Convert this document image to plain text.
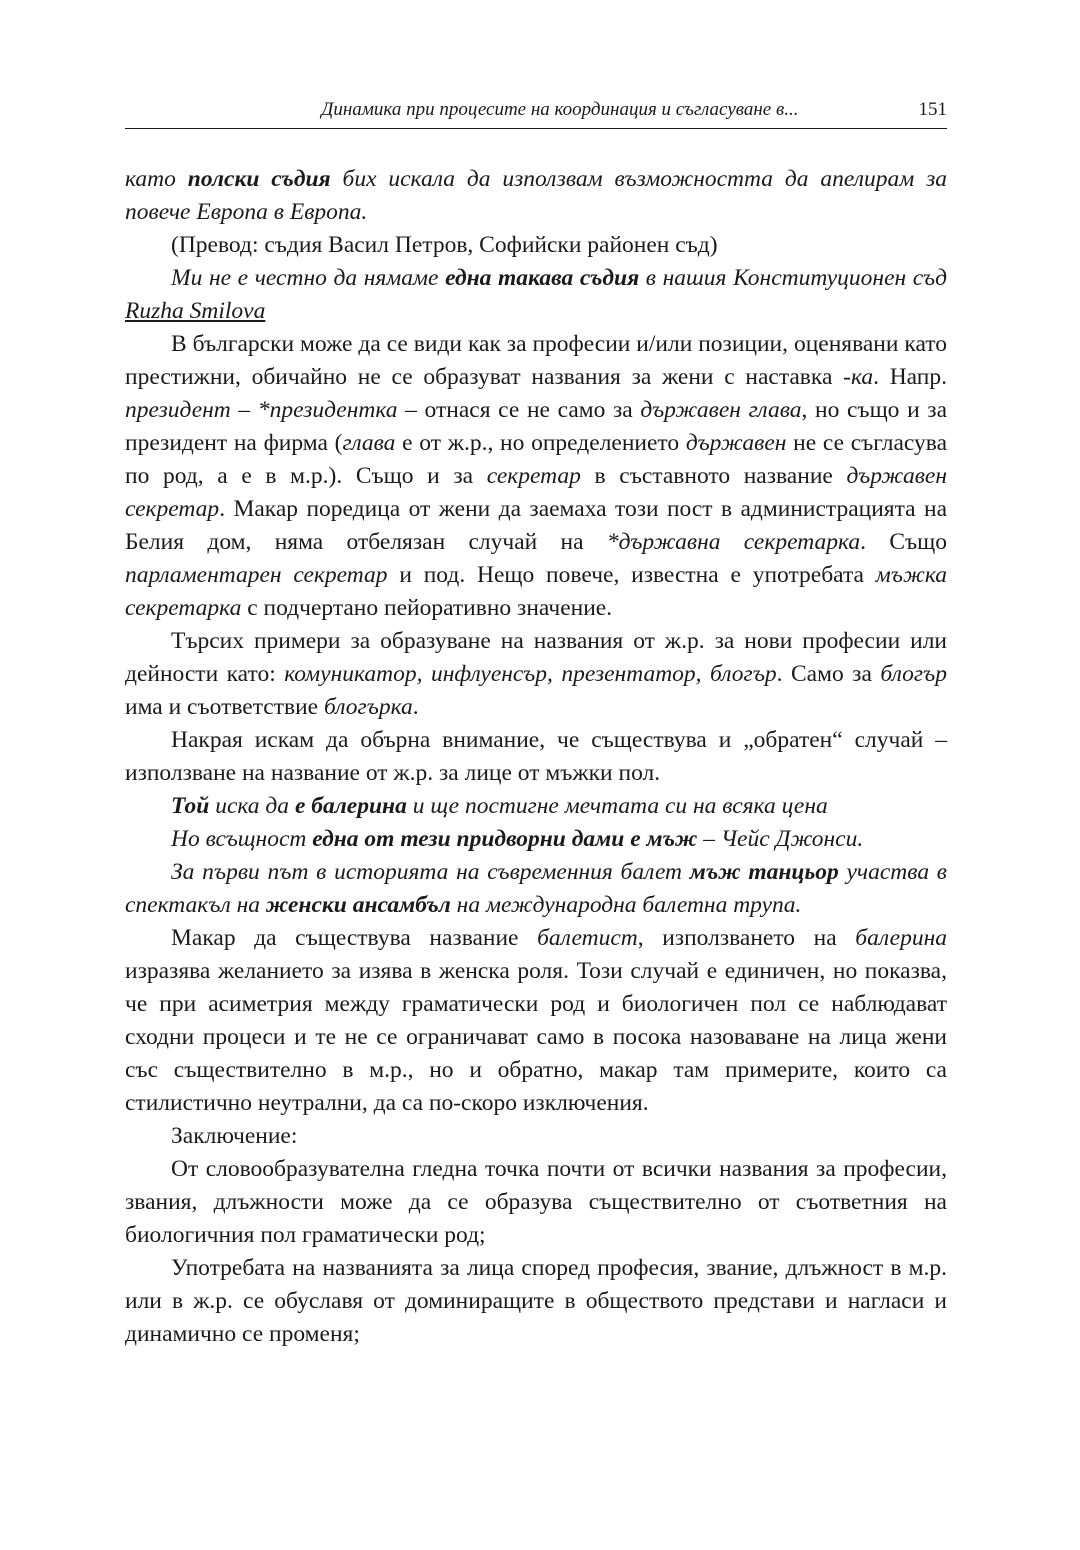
Динамика при процесите на координация и съгласуване в...	151

като полски съдия бих искала да използвам възможността да апелирам за повече Европа в Европа.

(Превод: съдия Васил Петров, Софийски районен съд)

Ми не е честно да нямаме една такава съдия в нашия Конституционен съд Ruzha Smilova

В български може да се види как за професии и/или позиции, оценявани като престижни, обичайно не се образуват названия за жени с наставка -ка. Напр. президент – *президентка – отнася се не само за държавен глава, но също и за президент на фирма (глава е от ж.р., но определението държавен не се съгласува по род, а е в м.р.). Също и за секретар в съставното название държавен секретар. Макар поредица от жени да заемаха този пост в администрацията на Белия дом, няма отбелязан случай на *държавна секретарка. Също парламентарен секретар и под. Нещо повече, известна е употребата мъжка секретарка с подчертано пейоративно значение.

Търсих примери за образуване на названия от ж.р. за нови професии или дейности като: комуникатор, инфлуенсър, презентатор, блогър. Само за блогър има и съответствие блогърка.

Накрая искам да обърна внимание, че съществува и „обратен“ случай – използване на название от ж.р. за лице от мъжки пол.

Той иска да е балерина и ще постигне мечтата си на всяка цена

Но всъщност една от тези придворни дами е мъж – Чейс Джонси.

За първи път в историята на съвременния балет мъж танцьор участва в спектакъл на женски ансамбъл на международна балетна трупа.

Макар да съществува название балетист, използването на балерина изразява желанието за изява в женска роля. Този случай е единичен, но показва, че при асиметрия между граматически род и биологичен пол се наблюдават сходни процеси и те не се ограничават само в посока назоваване на лица жени със съществително в м.р., но и обратно, макар там примерите, които са стилистично неутрални, да са по-скоро изключения.

Заключение:

От словообразувателна гледна точка почти от всички названия за професии, звания, длъжности може да се образува съществително от съответния на биологичния пол граматически род;

Употребата на названията за лица според професия, звание, длъжност в м.р. или в ж.р. се обуславя от доминиращите в обществото представи и нагласи и динамично се променя;
